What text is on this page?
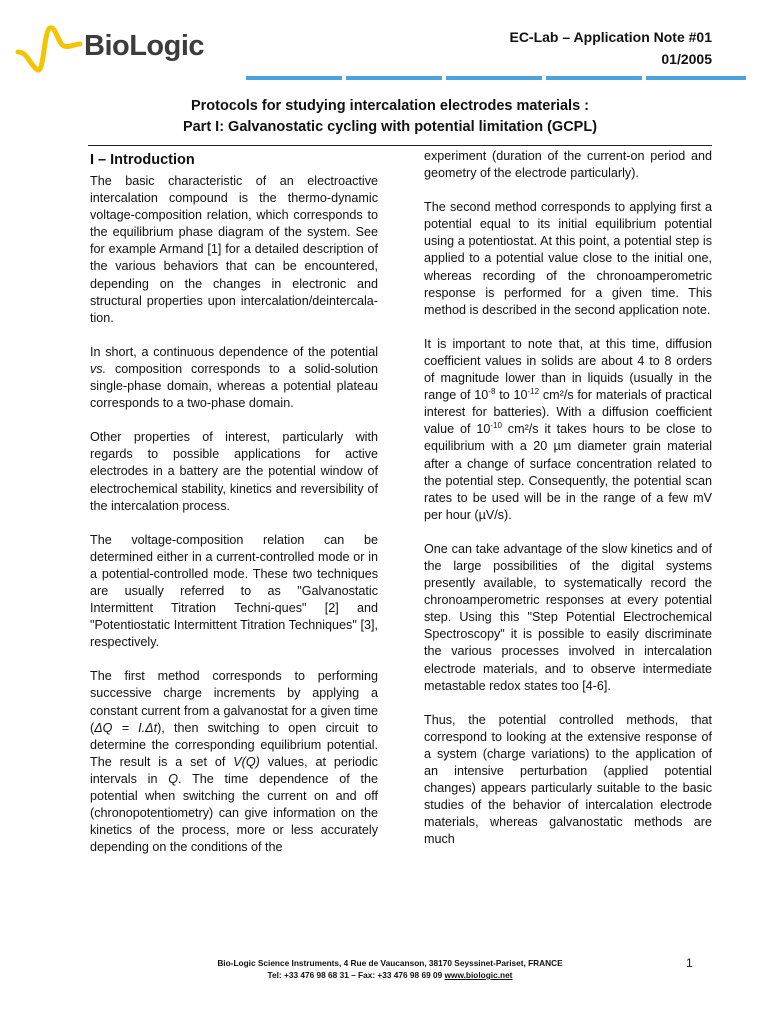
BioLogic	EC-Lab – Application Note #01
01/2005
Protocols for studying intercalation electrodes materials :
Part I: Galvanostatic cycling with potential limitation (GCPL)
I – Introduction

The basic characteristic of an electroactive intercalation compound is the thermo-dynamic voltage-composition relation, which corresponds to the equilibrium phase diagram of the system. See for example Armand [1] for a detailed description of the various behaviors that can be encountered, depending on the changes in electronic and structural properties upon intercalation/deintercala-tion.

In short, a continuous dependence of the potential vs. composition corresponds to a solid-solution single-phase domain, whereas a potential plateau corresponds to a two-phase domain.

Other properties of interest, particularly with regards to possible applications for active electrodes in a battery are the potential window of electrochemical stability, kinetics and reversibility of the intercalation process.

The voltage-composition relation can be determined either in a current-controlled mode or in a potential-controlled mode. These two techniques are usually referred to as "Galvanostatic Intermittent Titration Techni-ques" [2] and "Potentiostatic Intermittent Titration Techniques" [3], respectively.

The first method corresponds to performing successive charge increments by applying a constant current from a galvanostat for a given time (ΔQ = I.Δt), then switching to open circuit to determine the corresponding equilibrium potential. The result is a set of V(Q) values, at periodic intervals in Q. The time dependence of the potential when switching the current on and off (chronopotentiometry) can give information on the kinetics of the process, more or less accurately depending on the conditions of the

experiment (duration of the current-on period and geometry of the electrode particularly).

The second method corresponds to applying first a potential equal to its initial equilibrium potential using a potentiostat. At this point, a potential step is applied to a potential value close to the initial one, whereas recording of the chronoamperometric response is performed for a given time. This method is described in the second application note.

It is important to note that, at this time, diffusion coefficient values in solids are about 4 to 8 orders of magnitude lower than in liquids (usually in the range of $10^{-8}$ to $10^{-12}$ cm²/s for materials of practical interest for batteries). With a diffusion coefficient value of $10^{-10}$ cm²/s it takes hours to be close to equilibrium with a 20 µm diameter grain material after a change of surface concentration related to the potential step. Consequently, the potential scan rates to be used will be in the range of a few mV per hour (µV/s).

One can take advantage of the slow kinetics and of the large possibilities of the digital systems presently available, to systematically record the chronoamperometric responses at every potential step. Using this "Step Potential Electrochemical Spectroscopy" it is possible to easily discriminate the various processes involved in intercalation electrode materials, and to observe intermediate metastable redox states too [4-6].

Thus, the potential controlled methods, that correspond to looking at the extensive response of a system (charge variations) to the application of an intensive perturbation (applied potential changes) appears particularly suitable to the basic studies of the behavior of intercalation electrode materials, whereas galvanostatic methods are much

Bio-Logic Science Instruments, 4 Rue de Vaucanson, 38170 Seyssinet-Pariset, FRANCE
Tel: +33 476 98 68 31 – Fax: +33 476 98 69 09 www.biologic.net
1
